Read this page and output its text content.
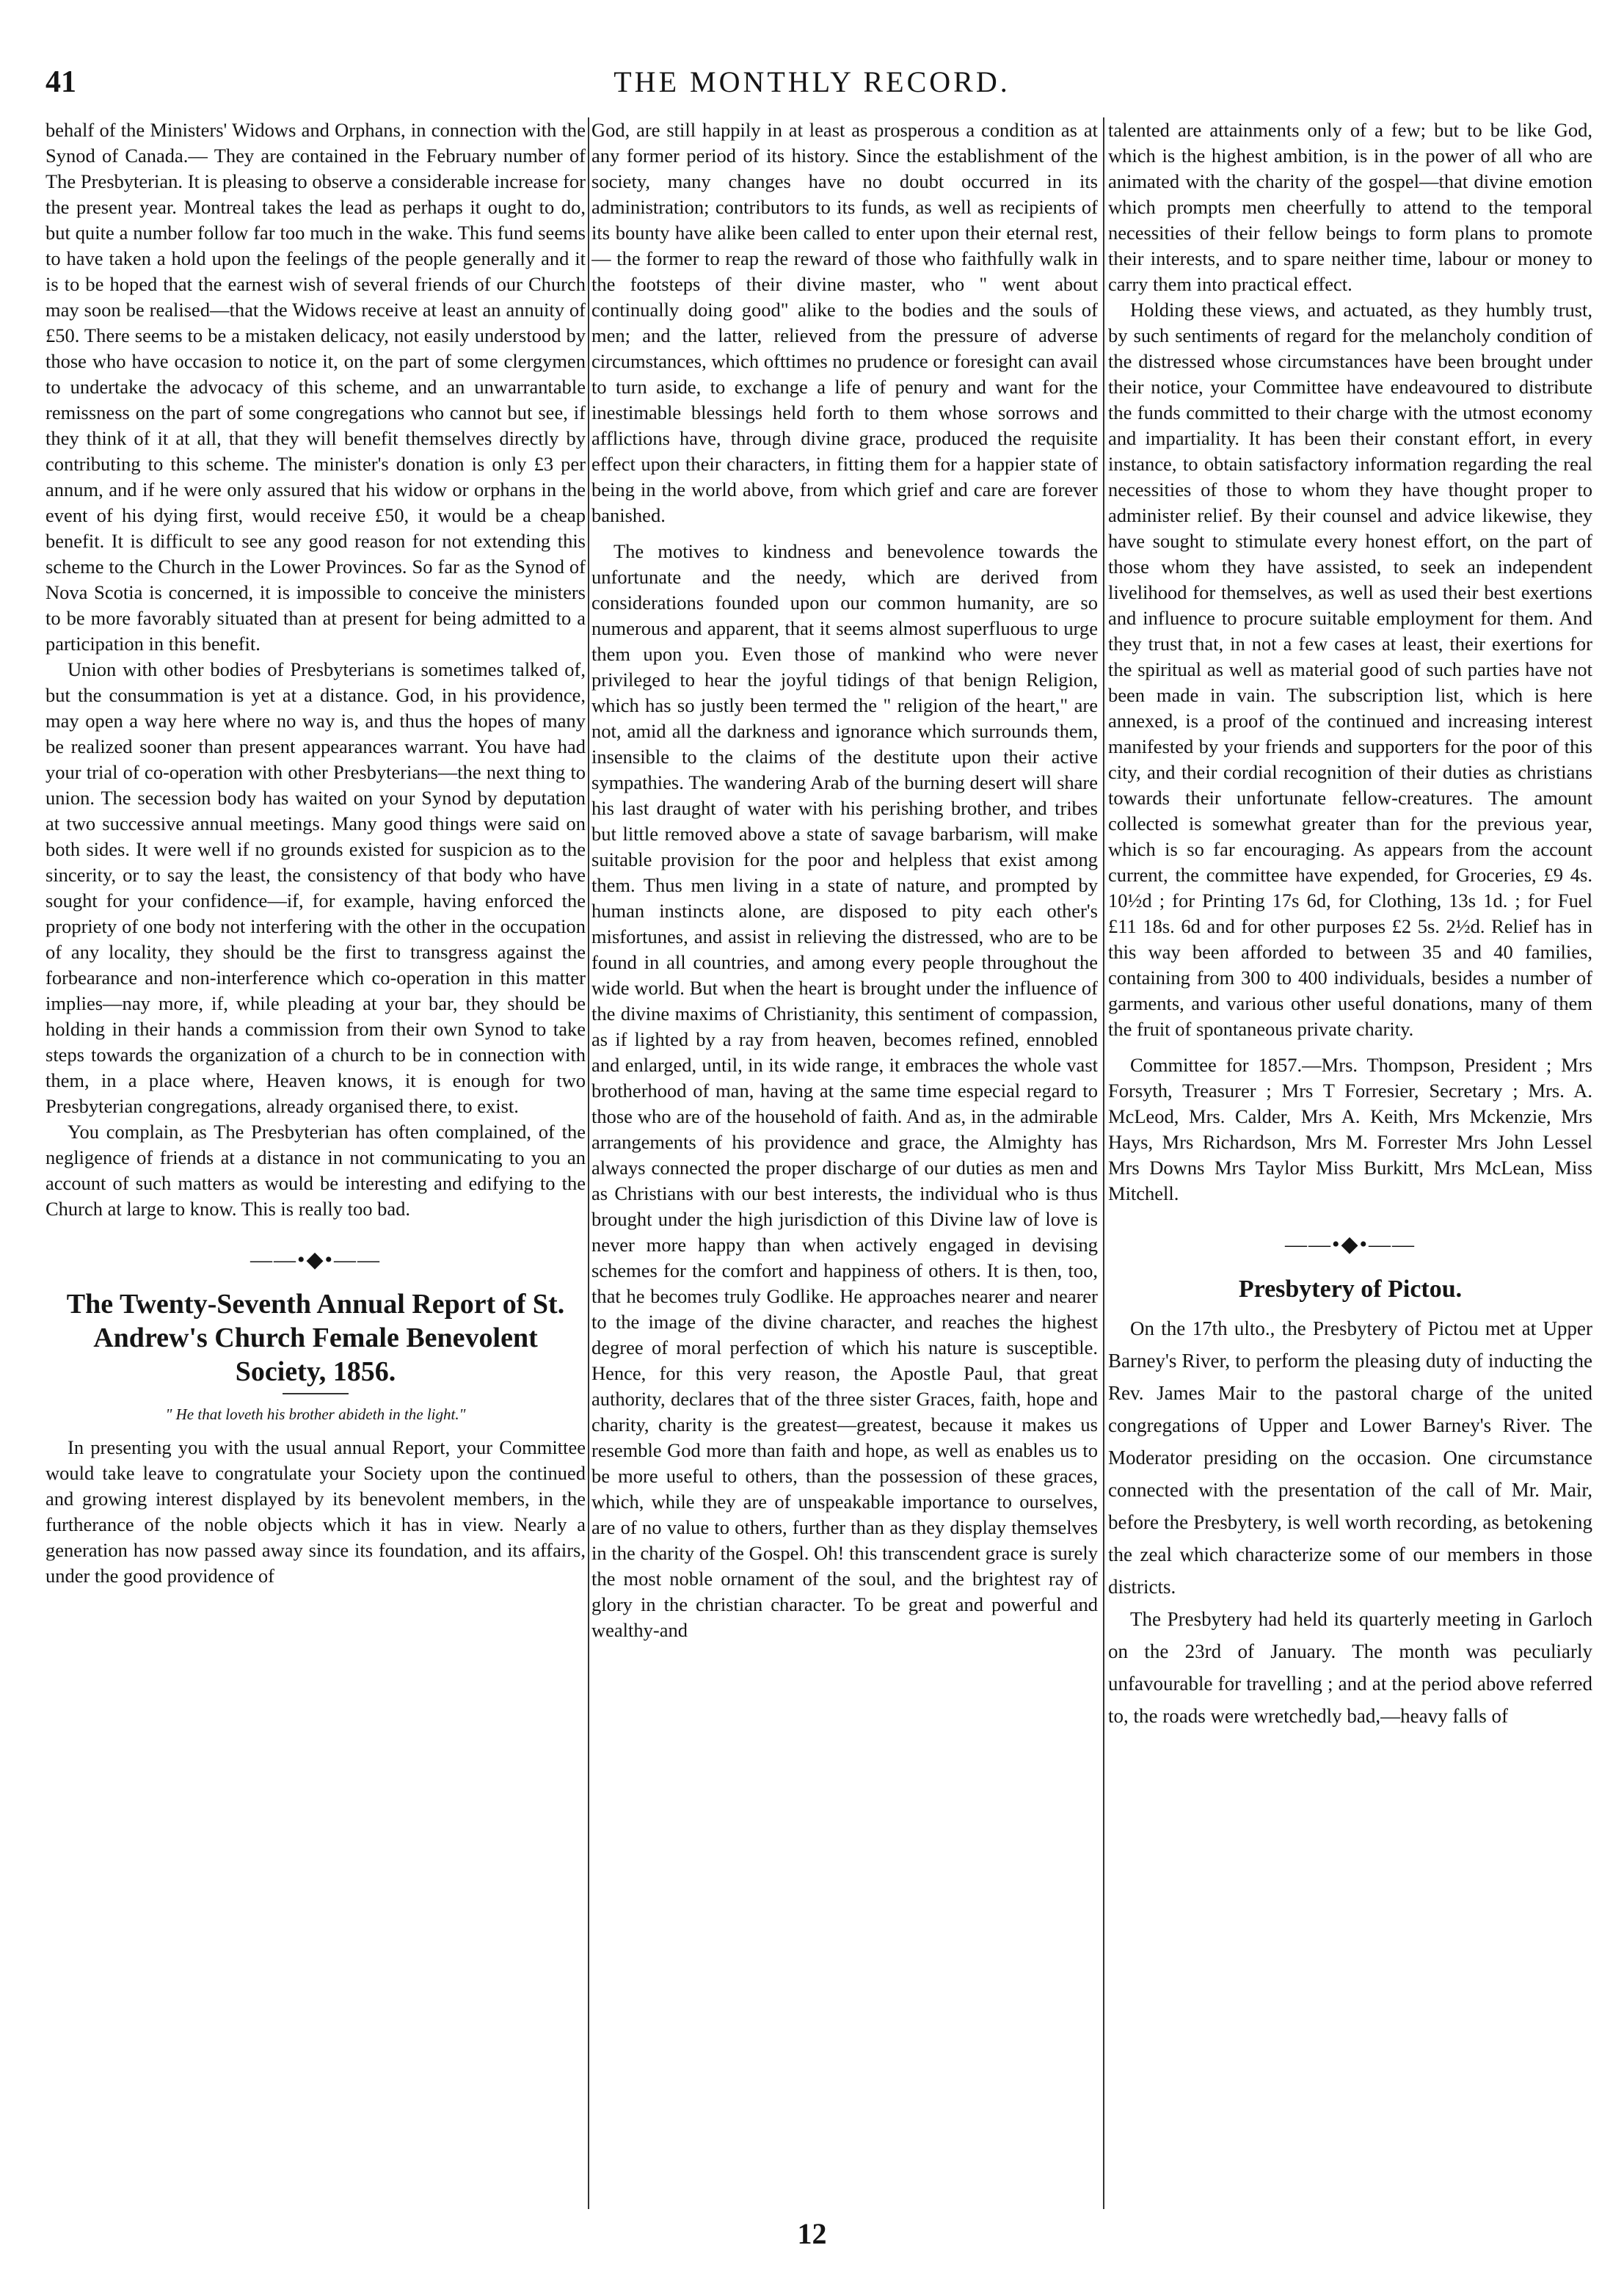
41	THE MONTHLY RECORD.

behalf of the Ministers' Widows and Orphans, in connection with the Synod of Canada.— They are contained in the February number of The Presbyterian. It is pleasing to observe a considerable increase for the present year. Montreal takes the lead as perhaps it ought to do, but quite a number follow far too much in the wake. This fund seems to have taken a hold upon the feelings of the people generally and it is to be hoped that the earnest wish of several friends of our Church may soon be realised—that the Widows receive at least an annuity of £50. There seems to be a mistaken delicacy, not easily understood by those who have occasion to notice it, on the part of some clergymen to undertake the advocacy of this scheme, and an unwarrantable remissness on the part of some congregations who cannot but see, if they think of it at all, that they will benefit themselves directly by contributing to this scheme. The minister's donation is only £3 per annum, and if he were only assured that his widow or orphans in the event of his dying first, would receive £50, it would be a cheap benefit. It is difficult to see any good reason for not extending this scheme to the Church in the Lower Provinces. So far as the Synod of Nova Scotia is concerned, it is impossible to conceive the ministers to be more favorably situated than at present for being admitted to a participation in this benefit.

Union with other bodies of Presbyterians is sometimes talked of, but the consummation is yet at a distance. God, in his providence, may open a way here where no way is, and thus the hopes of many be realized sooner than present appearances warrant. You have had your trial of co-operation with other Presbyterians—the next thing to union. The secession body has waited on your Synod by deputation at two successive annual meetings. Many good things were said on both sides. It were well if no grounds existed for suspicion as to the sincerity, or to say the least, the consistency of that body who have sought for your confidence—if, for example, having enforced the propriety of one body not interfering with the other in the occupation of any locality, they should be the first to transgress against the forbearance and non-interference which co-operation in this matter implies—nay more, if, while pleading at your bar, they should be holding in their hands a commission from their own Synod to take steps towards the organization of a church to be in connection with them, in a place where, Heaven knows, it is enough for two Presbyterian congregations, already organised there, to exist.

You complain, as The Presbyterian has often complained, of the negligence of friends at a distance in not communicating to you an account of such matters as would be interesting and edifying to the Church at large to know. This is really too bad.

——•◆•——
The Twenty-Seventh Annual Report of St. Andrew's Church Female Benevolent Society, 1856.
" He that loveth his brother abideth in the light."

In presenting you with the usual annual Report, your Committee would take leave to congratulate your Society upon the continued and growing interest displayed by its benevolent members, in the furtherance of the noble objects which it has in view. Nearly a generation has now passed away since its foundation, and its affairs, under the good providence of

God, are still happily in at least as prosperous a condition as at any former period of its history. Since the establishment of the society, many changes have no doubt occurred in its administration; contributors to its funds, as well as recipients of its bounty have alike been called to enter upon their eternal rest,— the former to reap the reward of those who faithfully walk in the footsteps of their divine master, who " went about continually doing good" alike to the bodies and the souls of men; and the latter, relieved from the pressure of adverse circumstances, which ofttimes no prudence or foresight can avail to turn aside, to exchange a life of penury and want for the inestimable blessings held forth to them whose sorrows and afflictions have, through divine grace, produced the requisite effect upon their characters, in fitting them for a happier state of being in the world above, from which grief and care are forever banished.

The motives to kindness and benevolence towards the unfortunate and the needy, which are derived from considerations founded upon our common humanity, are so numerous and apparent, that it seems almost superfluous to urge them upon you. Even those of mankind who were never privileged to hear the joyful tidings of that benign Religion, which has so justly been termed the " religion of the heart," are not, amid all the darkness and ignorance which surrounds them, insensible to the claims of the destitute upon their active sympathies. The wandering Arab of the burning desert will share his last draught of water with his perishing brother, and tribes but little removed above a state of savage barbarism, will make suitable provision for the poor and helpless that exist among them. Thus men living in a state of nature, and prompted by human instincts alone, are disposed to pity each other's misfortunes, and assist in relieving the distressed, who are to be found in all countries, and among every people throughout the wide world. But when the heart is brought under the influence of the divine maxims of Christianity, this sentiment of compassion, as if lighted by a ray from heaven, becomes refined, ennobled and enlarged, until, in its wide range, it embraces the whole vast brotherhood of man, having at the same time especial regard to those who are of the household of faith. And as, in the admirable arrangements of his providence and grace, the Almighty has always connected the proper discharge of our duties as men and as Christians with our best interests, the individual who is thus brought under the high jurisdiction of this Divine law of love is never more happy than when actively engaged in devising schemes for the comfort and happiness of others. It is then, too, that he becomes truly Godlike. He approaches nearer and nearer to the image of the divine character, and reaches the highest degree of moral perfection of which his nature is susceptible. Hence, for this very reason, the Apostle Paul, that great authority, declares that of the three sister Graces, faith, hope and charity, charity is the greatest—greatest, because it makes us resemble God more than faith and hope, as well as enables us to be more useful to others, than the possession of these graces, which, while they are of unspeakable importance to ourselves, are of no value to others, further than as they display themselves in the charity of the Gospel. Oh! this transcendent grace is surely the most noble ornament of the soul, and the brightest ray of glory in the christian character. To be great and powerful and wealthy-and

talented are attainments only of a few; but to be like God, which is the highest ambition, is in the power of all who are animated with the charity of the gospel—that divine emotion which prompts men cheerfully to attend to the temporal necessities of their fellow beings to form plans to promote their interests, and to spare neither time, labour or money to carry them into practical effect.

Holding these views, and actuated, as they humbly trust, by such sentiments of regard for the melancholy condition of the distressed whose circumstances have been brought under their notice, your Committee have endeavoured to distribute the funds committed to their charge with the utmost economy and impartiality. It has been their constant effort, in every instance, to obtain satisfactory information regarding the real necessities of those to whom they have thought proper to administer relief. By their counsel and advice likewise, they have sought to stimulate every honest effort, on the part of those whom they have assisted, to seek an independent livelihood for themselves, as well as used their best exertions and influence to procure suitable employment for them. And they trust that, in not a few cases at least, their exertions for the spiritual as well as material good of such parties have not been made in vain. The subscription list, which is here annexed, is a proof of the continued and increasing interest manifested by your friends and supporters for the poor of this city, and their cordial recognition of their duties as christians towards their unfortunate fellow-creatures. The amount collected is somewhat greater than for the previous year, which is so far encouraging. As appears from the account current, the committee have expended, for Groceries, £9 4s. 10½d ; for Printing 17s 6d, for Clothing, 13s 1d. ; for Fuel £11 18s. 6d and for other purposes £2 5s. 2½d. Relief has in this way been afforded to between 35 and 40 families, containing from 300 to 400 individuals, besides a number of garments, and various other useful donations, many of them the fruit of spontaneous private charity.

Committee for 1857.—Mrs. Thompson, President ; Mrs Forsyth, Treasurer ; Mrs T Forresier, Secretary ; Mrs. A. McLeod, Mrs. Calder, Mrs A. Keith, Mrs Mckenzie, Mrs Hays, Mrs Richardson, Mrs M. Forrester Mrs John Lessel Mrs Downs Mrs Taylor Miss Burkitt, Mrs McLean, Miss Mitchell.

——•◆•——
Presbytery of Pictou.

On the 17th ulto., the Presbytery of Pictou met at Upper Barney's River, to perform the pleasing duty of inducting the Rev. James Mair to the pastoral charge of the united congregations of Upper and Lower Barney's River. The Moderator presiding on the occasion. One circumstance connected with the presentation of the call of Mr. Mair, before the Presbytery, is well worth recording, as betokening the zeal which characterize some of our members in those districts.

The Presbytery had held its quarterly meeting in Garloch on the 23rd of January. The month was peculiarly unfavourable for travelling ; and at the period above referred to, the roads were wretchedly bad,—heavy falls of

12
